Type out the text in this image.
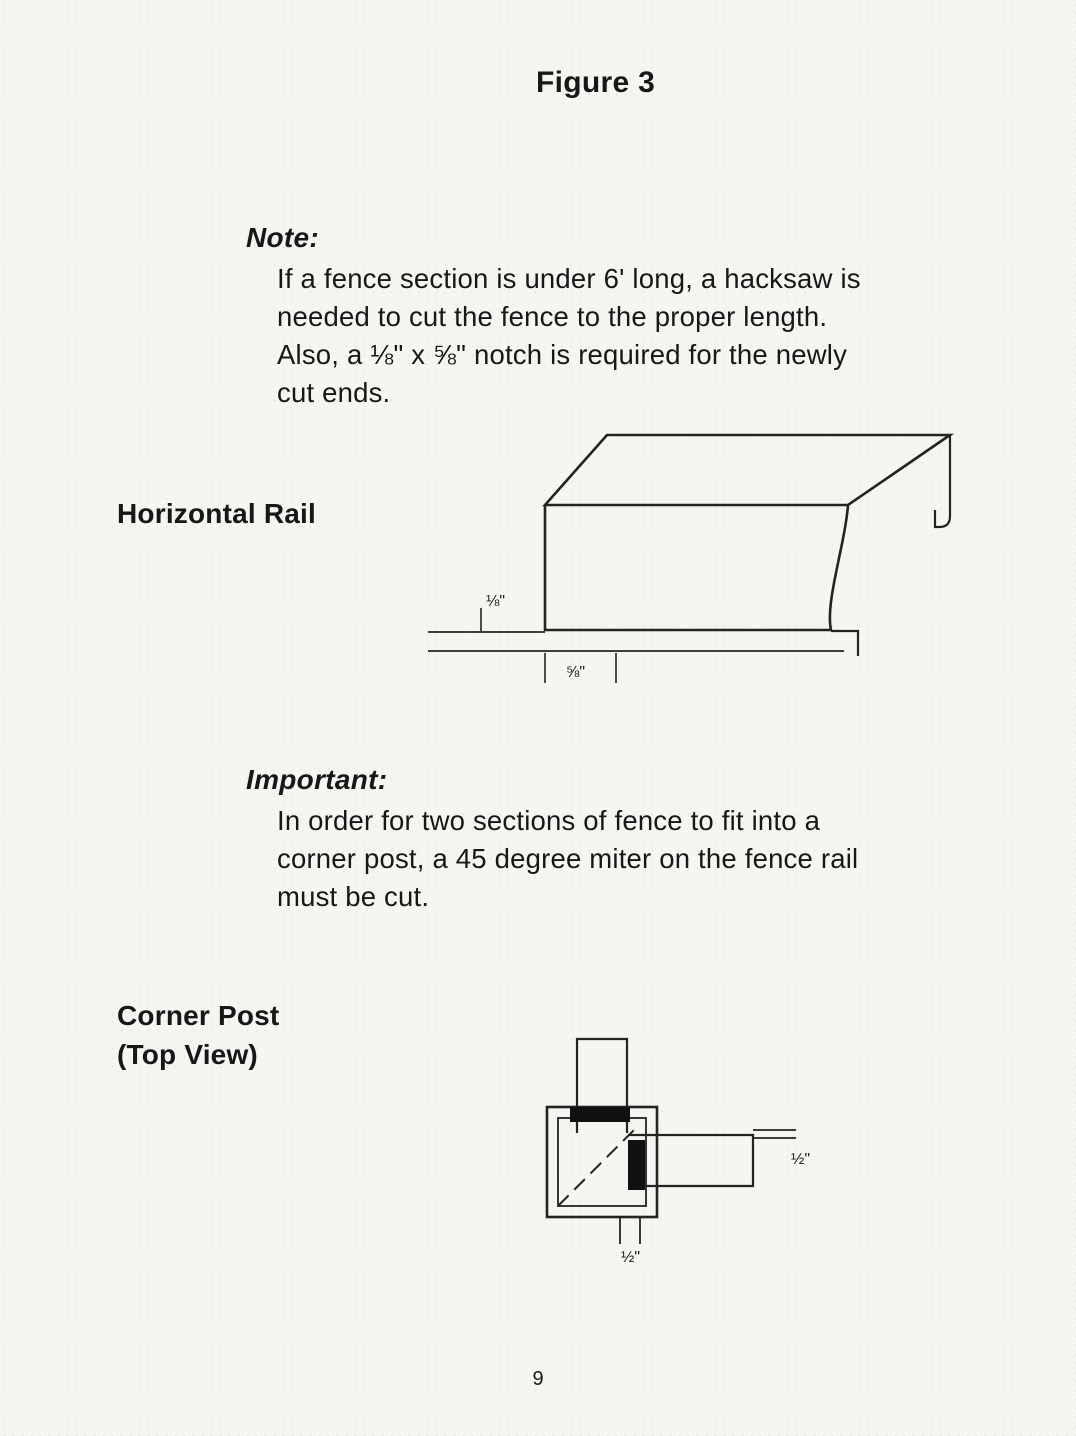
Figure 3
Note:
If a fence section is under 6' long, a hacksaw is
needed to cut the fence to the proper length.
Also, a ⅛" x ⅝" notch is required for the newly
cut ends.
Horizontal Rail
⅛"
⅝"
Important:
In order for two sections of fence to fit into a
corner post, a 45 degree miter on the fence rail
must be cut.
Corner Post
(Top View)
½"
½"
9
